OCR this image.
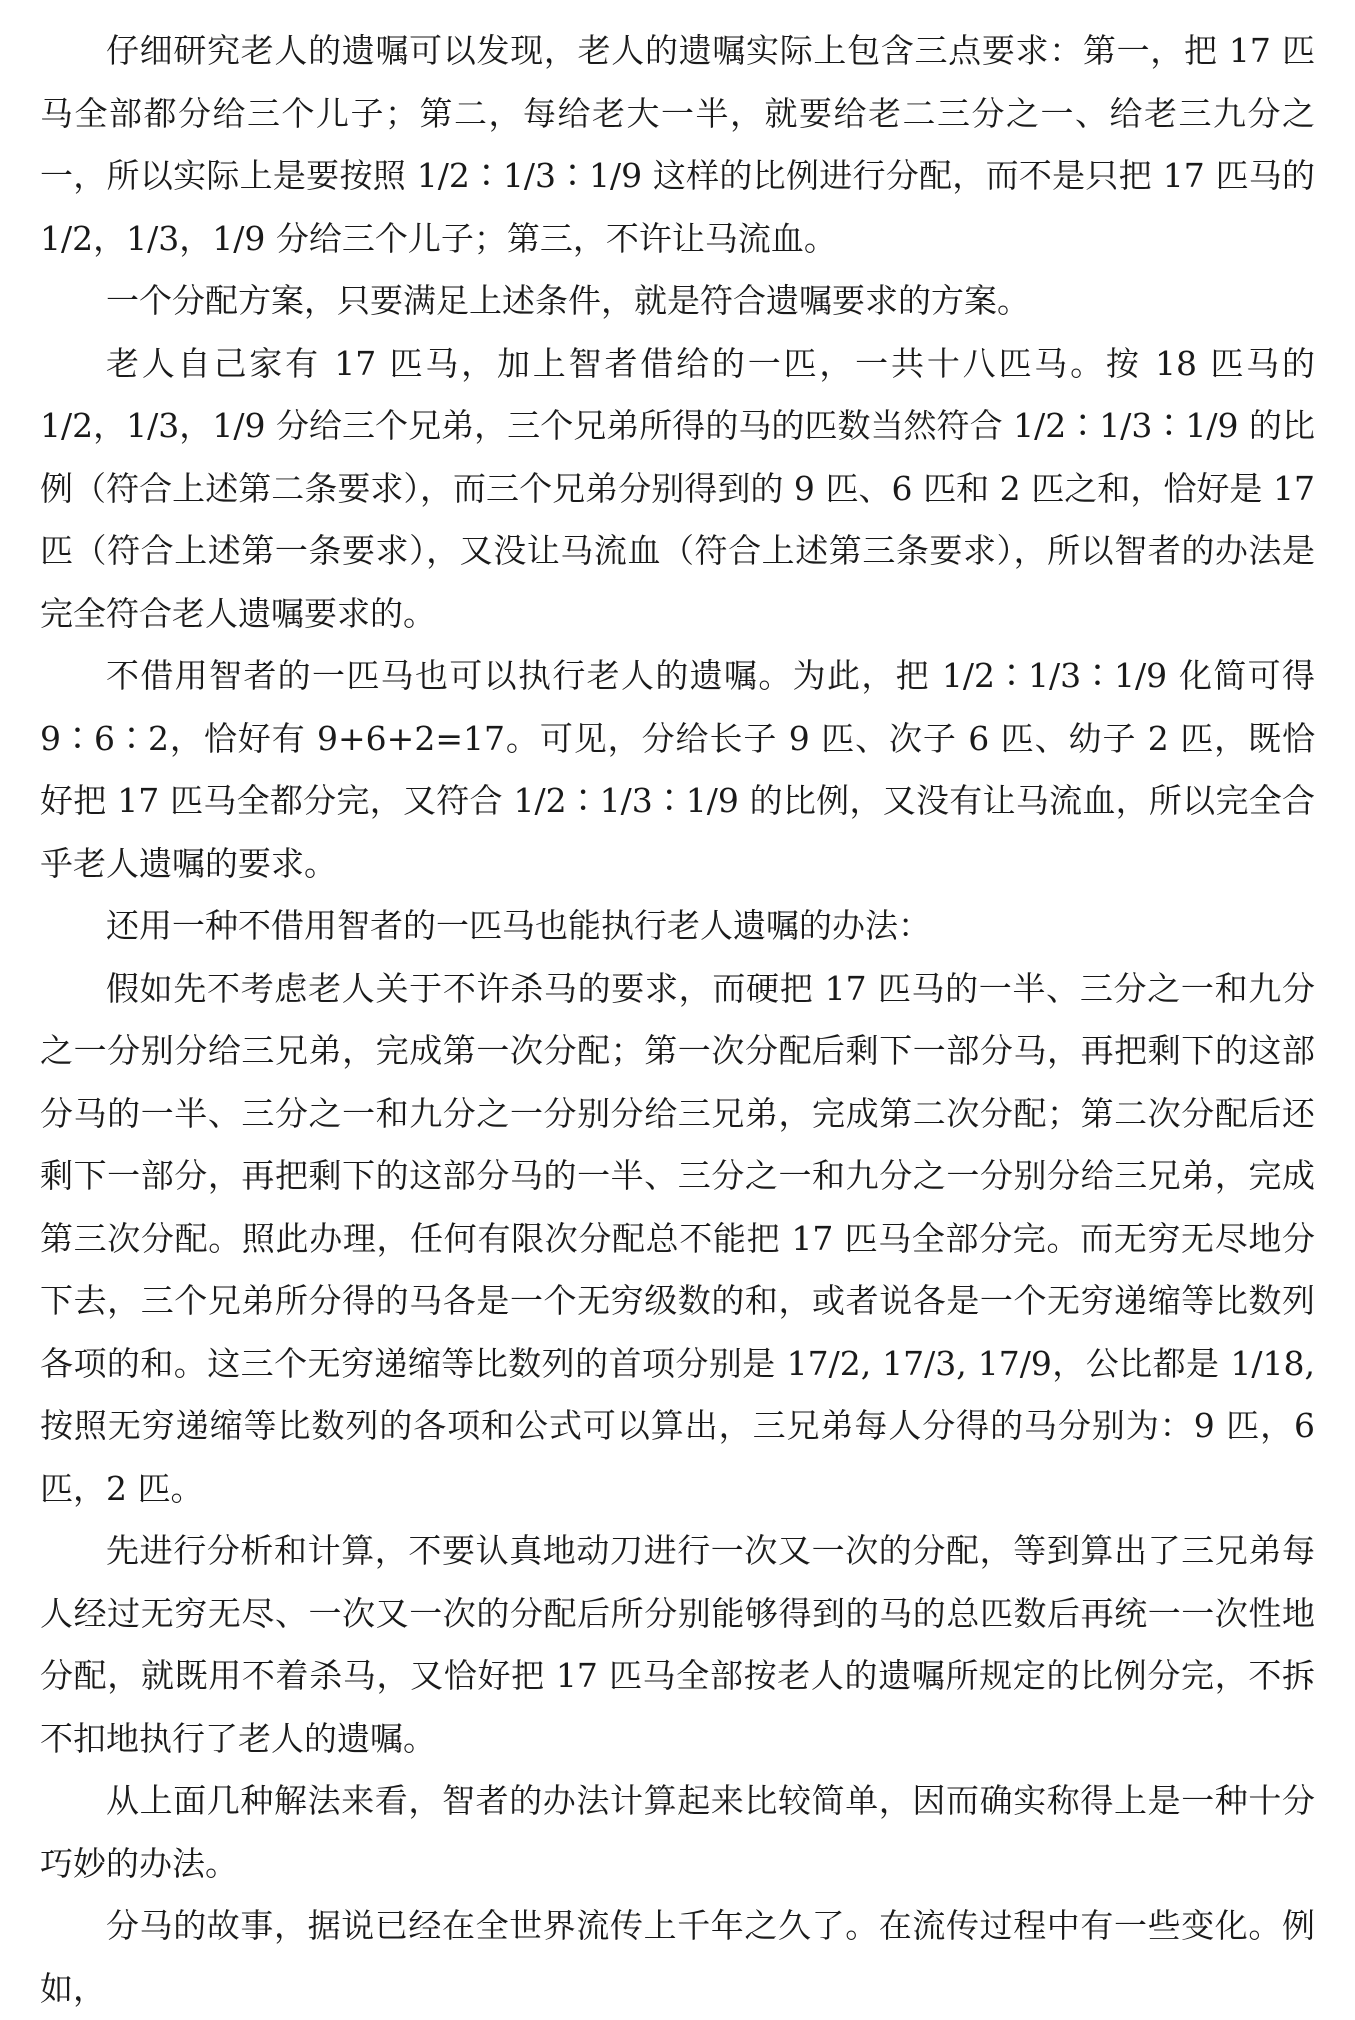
仔细研究老人的遗嘱可以发现，老人的遗嘱实际上包含三点要求：第一，把 17 匹马全部都分给三个儿子；第二，每给老大一半，就要给老二三分之一、给老三九分之一，所以实际上是要按照 1/2∶1/3∶1/9 这样的比例进行分配，而不是只把 17 匹马的 1/2，1/3，1/9 分给三个儿子；第三，不许让马流血。

一个分配方案，只要满足上述条件，就是符合遗嘱要求的方案。

老人自己家有 17 匹马，加上智者借给的一匹，一共十八匹马。按 18 匹马的 1/2，1/3，1/9 分给三个兄弟，三个兄弟所得的马的匹数当然符合 1/2∶1/3∶1/9 的比例（符合上述第二条要求），而三个兄弟分别得到的 9 匹、6 匹和 2 匹之和，恰好是 17 匹（符合上述第一条要求），又没让马流血（符合上述第三条要求），所以智者的办法是完全符合老人遗嘱要求的。

不借用智者的一匹马也可以执行老人的遗嘱。为此，把 1/2∶1/3∶1/9 化简可得 9∶6∶2，恰好有 9+6+2=17。可见，分给长子 9 匹、次子 6 匹、幼子 2 匹，既恰好把 17 匹马全都分完，又符合 1/2∶1/3∶1/9 的比例，又没有让马流血，所以完全合乎老人遗嘱的要求。

还用一种不借用智者的一匹马也能执行老人遗嘱的办法：

假如先不考虑老人关于不许杀马的要求，而硬把 17 匹马的一半、三分之一和九分之一分别分给三兄弟，完成第一次分配；第一次分配后剩下一部分马，再把剩下的这部分马的一半、三分之一和九分之一分别分给三兄弟，完成第二次分配；第二次分配后还剩下一部分，再把剩下的这部分马的一半、三分之一和九分之一分别分给三兄弟，完成第三次分配。照此办理，任何有限次分配总不能把 17 匹马全部分完。而无穷无尽地分下去，三个兄弟所分得的马各是一个无穷级数的和，或者说各是一个无穷递缩等比数列各项的和。这三个无穷递缩等比数列的首项分别是 17/2, 17/3, 17/9，公比都是 1/18, 按照无穷递缩等比数列的各项和公式可以算出，三兄弟每人分得的马分别为：9 匹，6 匹，2 匹。

先进行分析和计算，不要认真地动刀进行一次又一次的分配，等到算出了三兄弟每人经过无穷无尽、一次又一次的分配后所分别能够得到的马的总匹数后再统一一次性地分配，就既用不着杀马，又恰好把 17 匹马全部按老人的遗嘱所规定的比例分完，不拆不扣地执行了老人的遗嘱。

从上面几种解法来看，智者的办法计算起来比较简单，因而确实称得上是一种十分巧妙的办法。

分马的故事，据说已经在全世界流传上千年之久了。在流传过程中有一些变化。例如，
